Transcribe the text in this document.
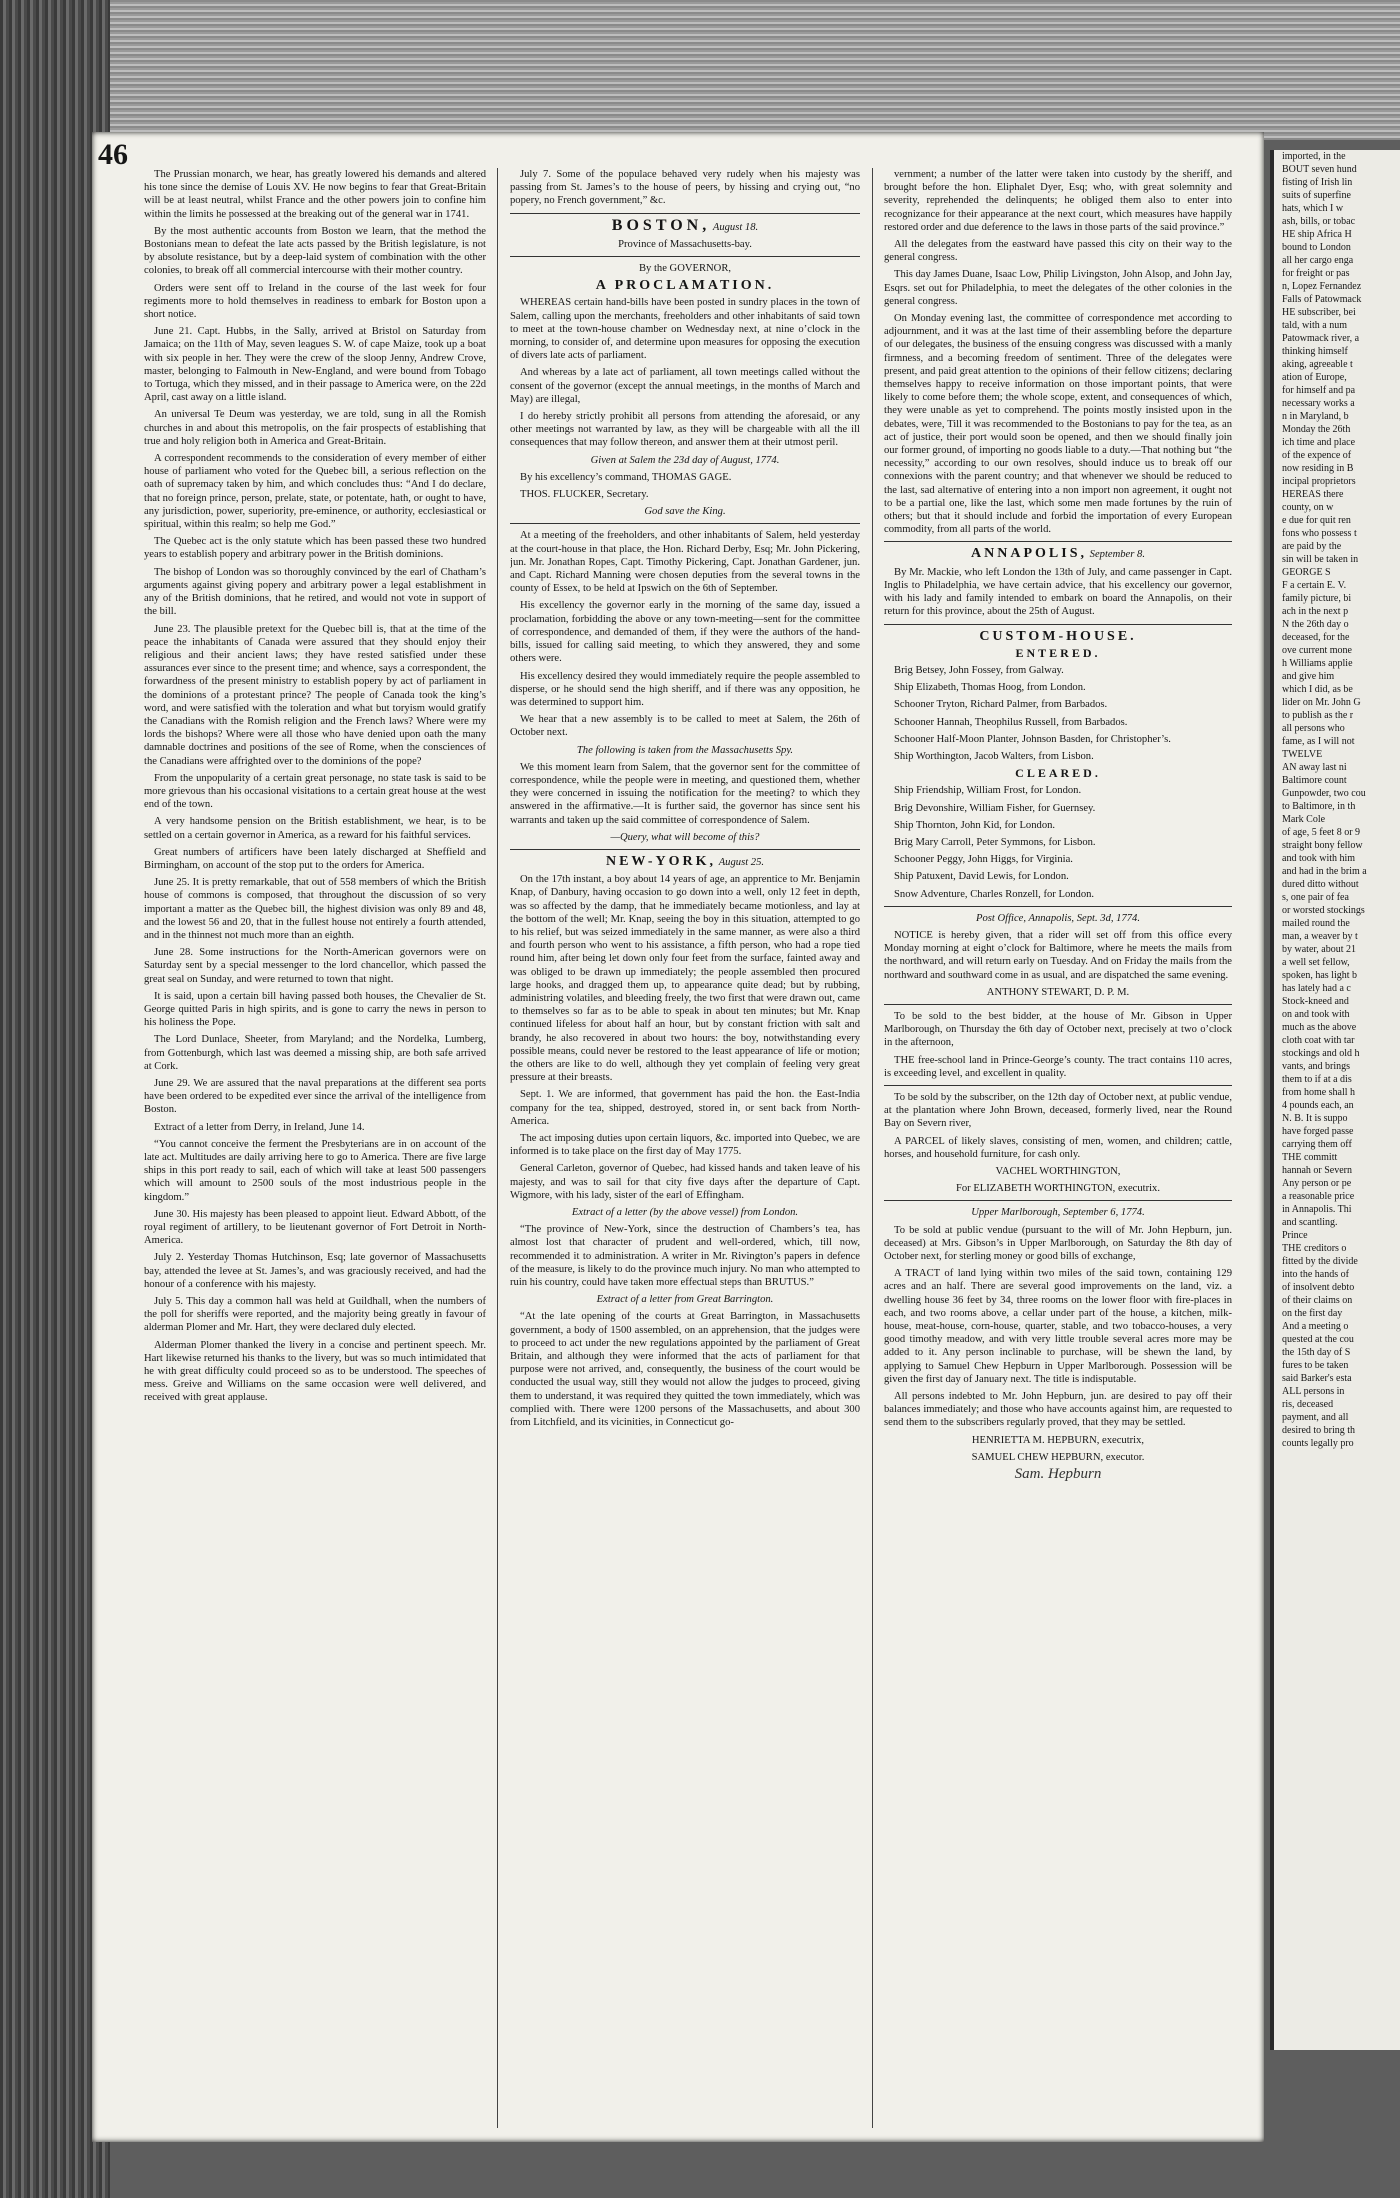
46

The Prussian monarch, we hear, has greatly lowered his demands and altered his tone since the demise of Louis XV. He now begins to fear that Great-Britain will be at least neutral, whilst France and the other powers join to confine him within the limits he possessed at the breaking out of the general war in 1741.

By the most authentic accounts from Boston we learn, that the method the Bostonians mean to defeat the late acts passed by the British legislature, is not by absolute resistance, but by a deep-laid system of combination with the other colonies, to break off all commercial intercourse with their mother country.

Orders were sent off to Ireland in the course of the last week for four regiments more to hold themselves in readiness to embark for Boston upon a short notice.

June 21. Capt. Hubbs, in the Sally, arrived at Bristol on Saturday from Jamaica; on the 11th of May, seven leagues S. W. of cape Maize, took up a boat with six people in her. They were the crew of the sloop Jenny, Andrew Crove, master, belonging to Falmouth in New-England, and were bound from Tobago to Tortuga, which they missed, and in their passage to America were, on the 22d April, cast away on a little island.

An universal Te Deum was yesterday, we are told, sung in all the Romish churches in and about this metropolis, on the fair prospects of establishing that true and holy religion both in America and Great-Britain.

A correspondent recommends to the consideration of every member of either house of parliament who voted for the Quebec bill, a serious reflection on the oath of supremacy taken by him, and which concludes thus: “And I do declare, that no foreign prince, person, prelate, state, or potentate, hath, or ought to have, any jurisdiction, power, superiority, pre-eminence, or authority, ecclesiastical or spiritual, within this realm; so help me God.”

The Quebec act is the only statute which has been passed these two hundred years to establish popery and arbitrary power in the British dominions.

The bishop of London was so thoroughly convinced by the earl of Chatham’s arguments against giving popery and arbitrary power a legal establishment in any of the British dominions, that he retired, and would not vote in support of the bill.

June 23. The plausible pretext for the Quebec bill is, that at the time of the peace the inhabitants of Canada were assured that they should enjoy their religious and their ancient laws; they have rested satisfied under these assurances ever since to the present time; and whence, says a correspondent, the forwardness of the present ministry to establish popery by act of parliament in the dominions of a protestant prince? The people of Canada took the king’s word, and were satisfied with the toleration and what but toryism would gratify the Canadians with the Romish religion and the French laws? Where were my lords the bishops? Where were all those who have denied upon oath the many damnable doctrines and positions of the see of Rome, when the consciences of the Canadians were affrighted over to the dominions of the pope?

From the unpopularity of a certain great personage, no state task is said to be more grievous than his occasional visitations to a certain great house at the west end of the town.

A very handsome pension on the British establishment, we hear, is to be settled on a certain governor in America, as a reward for his faithful services.

Great numbers of artificers have been lately discharged at Sheffield and Birmingham, on account of the stop put to the orders for America.

June 25. It is pretty remarkable, that out of 558 members of which the British house of commons is composed, that throughout the discussion of so very important a matter as the Quebec bill, the highest division was only 89 and 48, and the lowest 56 and 20, that in the fullest house not entirely a fourth attended, and in the thinnest not much more than an eighth.

June 28. Some instructions for the North-American governors were on Saturday sent by a special messenger to the lord chancellor, which passed the great seal on Sunday, and were returned to town that night.

It is said, upon a certain bill having passed both houses, the Chevalier de St. George quitted Paris in high spirits, and is gone to carry the news in person to his holiness the Pope.

The Lord Dunlace, Sheeter, from Maryland; and the Nordelka, Lumberg, from Gottenburgh, which last was deemed a missing ship, are both safe arrived at Cork.

June 29. We are assured that the naval preparations at the different sea ports have been ordered to be expedited ever since the arrival of the intelligence from Boston.

Extract of a letter from Derry, in Ireland, June 14.

“You cannot conceive the ferment the Presbyterians are in on account of the late act. Multitudes are daily arriving here to go to America. There are five large ships in this port ready to sail, each of which will take at least 500 passengers which will amount to 2500 souls of the most industrious people in the kingdom.”

June 30. His majesty has been pleased to appoint lieut. Edward Abbott, of the royal regiment of artillery, to be lieutenant governor of Fort Detroit in North-America.

July 2. Yesterday Thomas Hutchinson, Esq; late governor of Massachusetts bay, attended the levee at St. James’s, and was graciously received, and had the honour of a conference with his majesty.

July 5. This day a common hall was held at Guildhall, when the numbers of the poll for sheriffs were reported, and the majority being greatly in favour of alderman Plomer and Mr. Hart, they were declared duly elected.

Alderman Plomer thanked the livery in a concise and pertinent speech. Mr. Hart likewise returned his thanks to the livery, but was so much intimidated that he with great difficulty could proceed so as to be understood. The speeches of mess. Greive and Williams on the same occasion were well delivered, and received with great applause.

July 7. Some of the populace behaved very rudely when his majesty was passing from St. James’s to the house of peers, by hissing and crying out, “no popery, no French government,” &c.

BOSTON, August 18.

Province of Massachusetts-bay.

By the GOVERNOR,

A PROCLAMATION.

WHEREAS certain hand-bills have been posted in sundry places in the town of Salem, calling upon the merchants, freeholders and other inhabitants of said town to meet at the town-house chamber on Wednesday next, at nine o’clock in the morning, to consider of, and determine upon measures for opposing the execution of divers late acts of parliament.

And whereas by a late act of parliament, all town meetings called without the consent of the governor (except the annual meetings, in the months of March and May) are illegal,

I do hereby strictly prohibit all persons from attending the aforesaid, or any other meetings not warranted by law, as they will be chargeable with all the ill consequences that may follow thereon, and answer them at their utmost peril.

Given at Salem the 23d day of August, 1774.

By his excellency’s command, THOMAS GAGE.

THOS. FLUCKER, Secretary.

God save the King.

At a meeting of the freeholders, and other inhabitants of Salem, held yesterday at the court-house in that place, the Hon. Richard Derby, Esq; Mr. John Pickering, jun. Mr. Jonathan Ropes, Capt. Timothy Pickering, Capt. Jonathan Gardener, jun. and Capt. Richard Manning were chosen deputies from the several towns in the county of Essex, to be held at Ipswich on the 6th of September.

His excellency the governor early in the morning of the same day, issued a proclamation, forbidding the above or any town-meeting—sent for the committee of correspondence, and demanded of them, if they were the authors of the hand-bills, issued for calling said meeting, to which they answered, they and some others were.

His excellency desired they would immediately require the people assembled to disperse, or he should send the high sheriff, and if there was any opposition, he was determined to support him.

We hear that a new assembly is to be called to meet at Salem, the 26th of October next.

The following is taken from the Massachusetts Spy.

We this moment learn from Salem, that the governor sent for the committee of correspondence, while the people were in meeting, and questioned them, whether they were concerned in issuing the notification for the meeting? to which they answered in the affirmative.—It is further said, the governor has since sent his warrants and taken up the said committee of correspondence of Salem.

—Query, what will become of this?

NEW-YORK, August 25.

On the 17th instant, a boy about 14 years of age, an apprentice to Mr. Benjamin Knap, of Danbury, having occasion to go down into a well, only 12 feet in depth, was so affected by the damp, that he immediately became motionless, and lay at the bottom of the well; Mr. Knap, seeing the boy in this situation, attempted to go to his relief, but was seized immediately in the same manner, as were also a third and fourth person who went to his assistance, a fifth person, who had a rope tied round him, after being let down only four feet from the surface, fainted away and was obliged to be drawn up immediately; the people assembled then procured large hooks, and dragged them up, to appearance quite dead; but by rubbing, administring volatiles, and bleeding freely, the two first that were drawn out, came to themselves so far as to be able to speak in about ten minutes; but Mr. Knap continued lifeless for about half an hour, but by constant friction with salt and brandy, he also recovered in about two hours: the boy, notwithstanding every possible means, could never be restored to the least appearance of life or motion; the others are like to do well, although they yet complain of feeling very great pressure at their breasts.

Sept. 1. We are informed, that government has paid the hon. the East-India company for the tea, shipped, destroyed, stored in, or sent back from North-America.

The act imposing duties upon certain liquors, &c. imported into Quebec, we are informed is to take place on the first day of May 1775.

General Carleton, governor of Quebec, had kissed hands and taken leave of his majesty, and was to sail for that city five days after the departure of Capt. Wigmore, with his lady, sister of the earl of Effingham.

Extract of a letter (by the above vessel) from London.

“The province of New-York, since the destruction of Chambers’s tea, has almost lost that character of prudent and well-ordered, which, till now, recommended it to administration. A writer in Mr. Rivington’s papers in defence of the measure, is likely to do the province much injury. No man who attempted to ruin his country, could have taken more effectual steps than BRUTUS.”

Extract of a letter from Great Barrington.

“At the late opening of the courts at Great Barrington, in Massachusetts government, a body of 1500 assembled, on an apprehension, that the judges were to proceed to act under the new regulations appointed by the parliament of Great Britain, and although they were informed that the acts of parliament for that purpose were not arrived, and, consequently, the business of the court would be conducted the usual way, still they would not allow the judges to proceed, giving them to understand, it was required they quitted the town immediately, which was complied with. There were 1200 persons of the Massachusetts, and about 300 from Litchfield, and its vicinities, in Connecticut go-

vernment; a number of the latter were taken into custody by the sheriff, and brought before the hon. Eliphalet Dyer, Esq; who, with great solemnity and severity, reprehended the delinquents; he obliged them also to enter into recognizance for their appearance at the next court, which measures have happily restored order and due deference to the laws in those parts of the said province.”

All the delegates from the eastward have passed this city on their way to the general congress.

This day James Duane, Isaac Low, Philip Livingston, John Alsop, and John Jay, Esqrs. set out for Philadelphia, to meet the delegates of the other colonies in the general congress.

On Monday evening last, the committee of correspondence met according to adjournment, and it was at the last time of their assembling before the departure of our delegates, the business of the ensuing congress was discussed with a manly firmness, and a becoming freedom of sentiment. Three of the delegates were present, and paid great attention to the opinions of their fellow citizens; declaring themselves happy to receive information on those important points, that were likely to come before them; the whole scope, extent, and consequences of which, they were unable as yet to comprehend. The points mostly insisted upon in the debates, were, Till it was recommended to the Bostonians to pay for the tea, as an act of justice, their port would soon be opened, and then we should finally join our former ground, of importing no goods liable to a duty.—That nothing but “the necessity,” according to our own resolves, should induce us to break off our connexions with the parent country; and that whenever we should be reduced to the last, sad alternative of entering into a non import non agreement, it ought not to be a partial one, like the last, which some men made fortunes by the ruin of others; but that it should include and forbid the importation of every European commodity, from all parts of the world.

ANNAPOLIS, September 8.

By Mr. Mackie, who left London the 13th of July, and came passenger in Capt. Inglis to Philadelphia, we have certain advice, that his excellency our governor, with his lady and family intended to embark on board the Annapolis, on their return for this province, about the 25th of August.

CUSTOM-HOUSE.

ENTERED.

Brig Betsey, John Fossey, from Galway.

Ship Elizabeth, Thomas Hoog, from London.

Schooner Tryton, Richard Palmer, from Barbados.

Schooner Hannah, Theophilus Russell, from Barbados.

Schooner Half-Moon Planter, Johnson Basden, for Christopher’s.

Ship Worthington, Jacob Walters, from Lisbon.

CLEARED.

Ship Friendship, William Frost, for London.

Brig Devonshire, William Fisher, for Guernsey.

Ship Thornton, John Kid, for London.

Brig Mary Carroll, Peter Symmons, for Lisbon.

Schooner Peggy, John Higgs, for Virginia.

Ship Patuxent, David Lewis, for London.

Snow Adventure, Charles Ronzell, for London.

Post Office, Annapolis, Sept. 3d, 1774.

NOTICE is hereby given, that a rider will set off from this office every Monday morning at eight o’clock for Baltimore, where he meets the mails from the northward, and will return early on Tuesday. And on Friday the mails from the northward and southward come in as usual, and are dispatched the same evening.

ANTHONY STEWART, D. P. M.

To be sold to the best bidder, at the house of Mr. Gibson in Upper Marlborough, on Thursday the 6th day of October next, precisely at two o’clock in the afternoon,

THE free-school land in Prince-George’s county. The tract contains 110 acres, is exceeding level, and excellent in quality.

To be sold by the subscriber, on the 12th day of October next, at public vendue, at the plantation where John Brown, deceased, formerly lived, near the Round Bay on Severn river,

A PARCEL of likely slaves, consisting of men, women, and children; cattle, horses, and household furniture, for cash only.

VACHEL WORTHINGTON,

For ELIZABETH WORTHINGTON, executrix.

Upper Marlborough, September 6, 1774.

To be sold at public vendue (pursuant to the will of Mr. John Hepburn, jun. deceased) at Mrs. Gibson’s in Upper Marlborough, on Saturday the 8th day of October next, for sterling money or good bills of exchange,

A TRACT of land lying within two miles of the said town, containing 129 acres and an half. There are several good improvements on the land, viz. a dwelling house 36 feet by 34, three rooms on the lower floor with fire-places in each, and two rooms above, a cellar under part of the house, a kitchen, milk-house, meat-house, corn-house, quarter, stable, and two tobacco-houses, a very good timothy meadow, and with very little trouble several acres more may be added to it. Any person inclinable to purchase, will be shewn the land, by applying to Samuel Chew Hepburn in Upper Marlborough. Possession will be given the first day of January next. The title is indisputable.

All persons indebted to Mr. John Hepburn, jun. are desired to pay off their balances immediately; and those who have accounts against him, are requested to send them to the subscribers regularly proved, that they may be settled.

HENRIETTA M. HEPBURN, executrix,

SAMUEL CHEW HEPBURN, executor.

Sam. Hepburn

imported, in the
BOUT seven hund
fisting of Irish lin
suits of superfine
hats, which I w
ash, bills, or tobac
HE ship Africa H
bound to London
all her cargo enga
for freight or pas
n, Lopez Fernandez
Falls of Patowmack
HE subscriber, bei
tald, with a num
Patowmack river, a
thinking himself
aking, agreeable t
ation of Europe,
for himself and pa
necessary works a
n in Maryland, b
Monday the 26th
ich time and place
of the expence of
now residing in B
incipal proprietors
HEREAS there
county, on w
e due for quit ren
fons who possess t
are paid by the
sin will be taken in
GEORGE S
F a certain E. V.
family picture, bi
ach in the next p
N the 26th day o
deceased, for the
ove current mone
h Williams applie
and give him
which I did, as be
lider on Mr. John G
to publish as the r
all persons who
fame, as I will not
TWELVE
AN away last ni
Baltimore count
Gunpowder, two cou
to Baltimore, in th
Mark Cole
of age, 5 feet 8 or 9
straight bony fellow
and took with him
and had in the brim a
dured ditto without
s, one pair of fea
or worsted stockings
mailed round the
man, a weaver by t
by water, about 21
a well set fellow,
spoken, has light b
has lately had a c
Stock-kneed and
on and took with
much as the above
cloth coat with tar
stockings and old h
vants, and brings
them to if at a dis
from home shall h
4 pounds each, an
N. B. It is suppo
have forged passe
carrying them off
THE committ
hannah or Severn
Any person or pe
a reasonable price
in Annapolis. Thi
and scantling.
Prince
THE creditors o
fitted by the divide
into the hands of
of insolvent debto
of their claims on
on the first day
And a meeting o
quested at the cou
the 15th day of S
fures to be taken
said Barker's esta
ALL persons in
ris, deceased
payment, and all
desired to bring th
counts legally pro
